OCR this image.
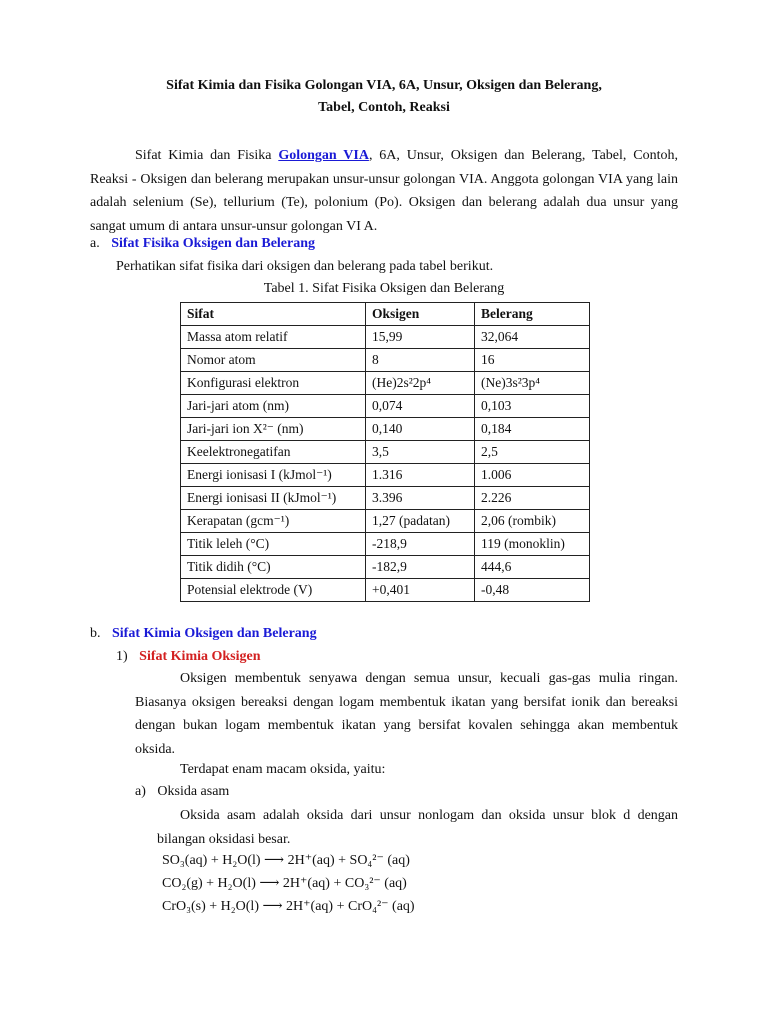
Sifat Kimia dan Fisika Golongan VIA, 6A, Unsur, Oksigen dan Belerang,
Tabel, Contoh, Reaksi
Sifat Kimia dan Fisika Golongan VIA, 6A, Unsur, Oksigen dan Belerang, Tabel, Contoh, Reaksi - Oksigen dan belerang merupakan unsur-unsur golongan VIA. Anggota golongan VIA yang lain adalah selenium (Se), tellurium (Te), polonium (Po). Oksigen dan belerang adalah dua unsur yang sangat umum di antara unsur-unsur golongan VI A.
a. Sifat Fisika Oksigen dan Belerang
Perhatikan sifat fisika dari oksigen dan belerang pada tabel berikut.
Tabel 1. Sifat Fisika Oksigen dan Belerang
Sifat	Oksigen	Belerang
Massa atom relatif	15,99	32,064
Nomor atom	8	16
Konfigurasi elektron	(He)2s²2p⁴	(Ne)3s²3p⁴
Jari-jari atom (nm)	0,074	0,103
Jari-jari ion X²⁻ (nm)	0,140	0,184
Keelektronegatifan	3,5	2,5
Energi ionisasi I (kJmol⁻¹)	1.316	1.006
Energi ionisasi II (kJmol⁻¹)	3.396	2.226
Kerapatan (gcm⁻¹)	1,27 (padatan)	2,06 (rombik)
Titik leleh (°C)	-218,9	119 (monoklin)
Titik didih (°C)	-182,9	444,6
Potensial elektrode (V)	+0,401	-0,48
b. Sifat Kimia Oksigen dan Belerang
1) Sifat Kimia Oksigen
Oksigen membentuk senyawa dengan semua unsur, kecuali gas-gas mulia ringan. Biasanya oksigen bereaksi dengan logam membentuk ikatan yang bersifat ionik dan bereaksi dengan bukan logam membentuk ikatan yang bersifat kovalen sehingga akan membentuk oksida.
Terdapat enam macam oksida, yaitu:
a) Oksida asam
Oksida asam adalah oksida dari unsur nonlogam dan oksida unsur blok d dengan bilangan oksidasi besar.
SO₃(aq) + H₂O(l) ⟶ 2H⁺(aq) + SO₄²⁻ (aq)
CO₂(g) + H₂O(l) ⟶ 2H⁺(aq) + CO₃²⁻ (aq)
CrO₃(s) + H₂O(l) ⟶ 2H⁺(aq) + CrO₄²⁻ (aq)
